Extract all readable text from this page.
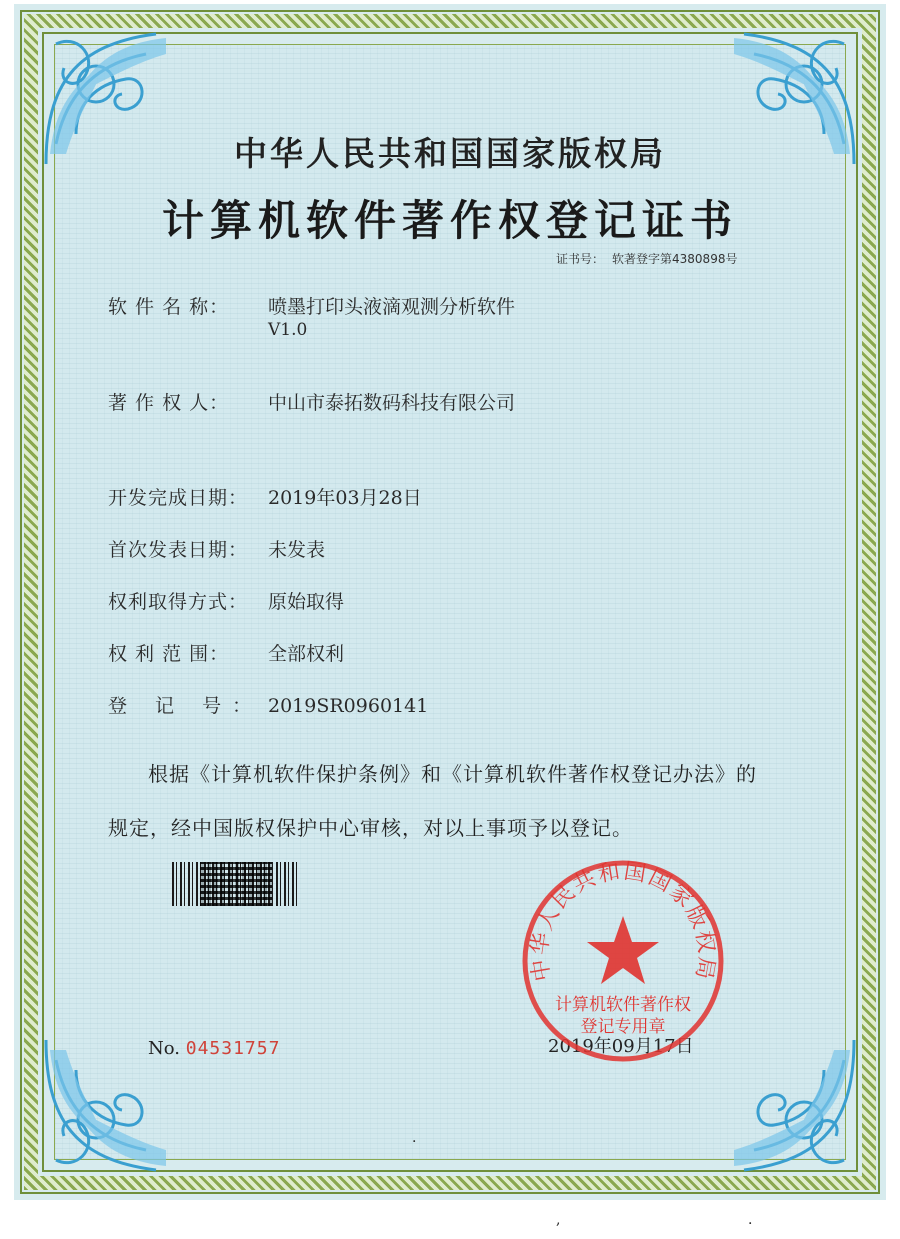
中华人民共和国国家版权局
计算机软件著作权登记证书
证书号： 软著登字第4380898号
软 件 名 称： 喷墨打印头液滴观测分析软件
V1.0
著 作 权 人： 中山市泰拓数码科技有限公司
开发完成日期： 2019年03月28日
首次发表日期： 未发表
权利取得方式： 原始取得
权 利 范 围： 全部权利
登 记 号： 2019SR0960141
根据《计算机软件保护条例》和《计算机软件著作权登记办法》的
规定，经中国版权保护中心审核，对以上事项予以登记。
No. 04531757	2019年09月17日
中华人民共和国国家版权局
计算机软件著作权
登记专用章
·
,	·
